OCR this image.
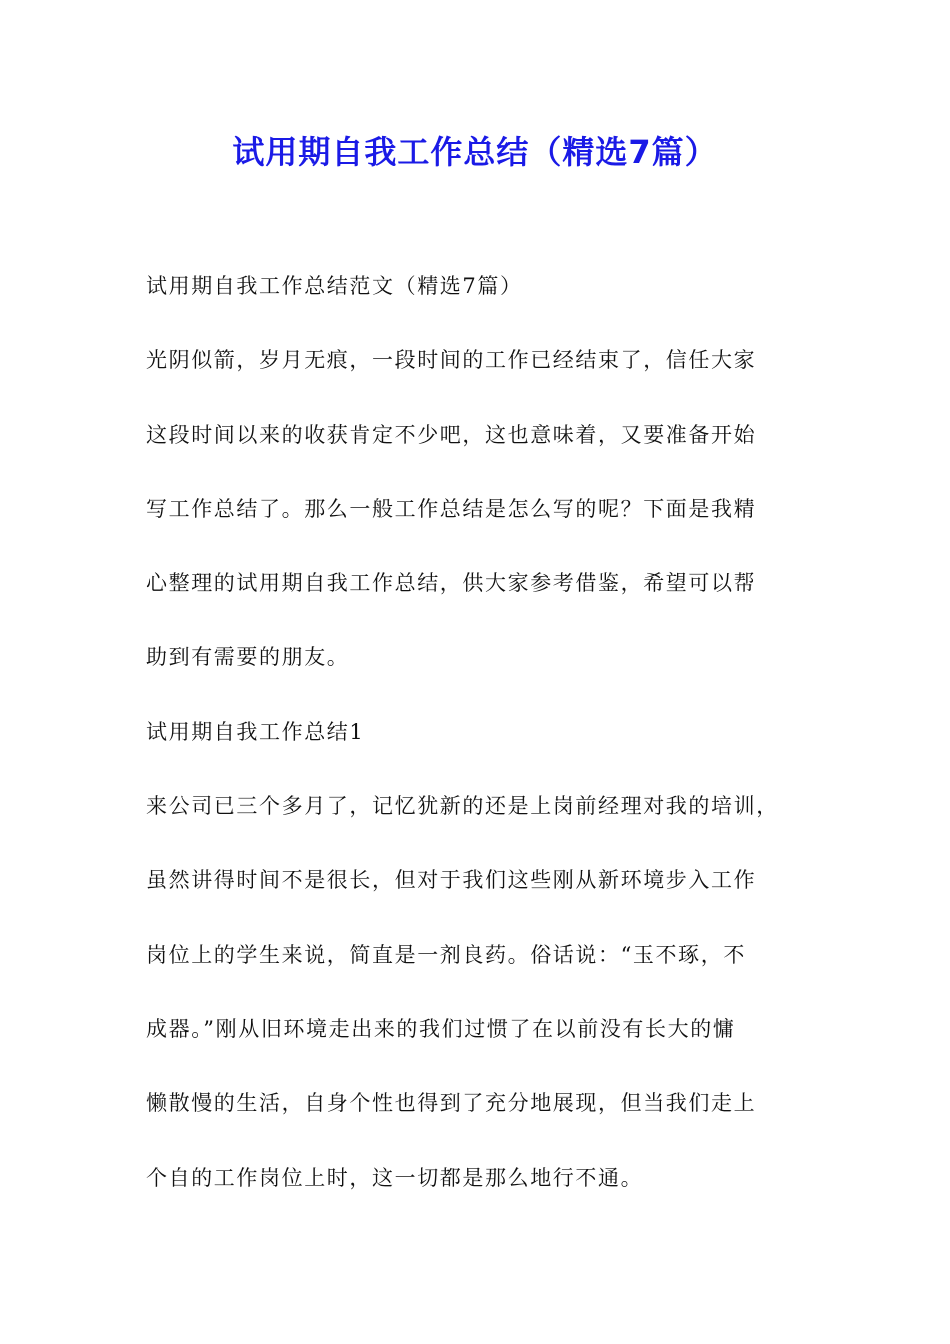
试用期自我工作总结（精选7篇）

试用期自我工作总结范文（精选7篇）

光阴似箭，岁月无痕，一段时间的工作已经结束了，信任大家

这段时间以来的收获肯定不少吧，这也意味着，又要准备开始

写工作总结了。那么一般工作总结是怎么写的呢？下面是我精

心整理的试用期自我工作总结，供大家参考借鉴，希望可以帮

助到有需要的朋友。

试用期自我工作总结1

来公司已三个多月了，记忆犹新的还是上岗前经理对我的培训，

虽然讲得时间不是很长，但对于我们这些刚从新环境步入工作

岗位上的学生来说，简直是一剂良药。俗话说：“玉不琢，不

成器。”刚从旧环境走出来的我们过惯了在以前没有长大的慵

懒散慢的生活，自身个性也得到了充分地展现，但当我们走上

个自的工作岗位上时，这一切都是那么地行不通。
